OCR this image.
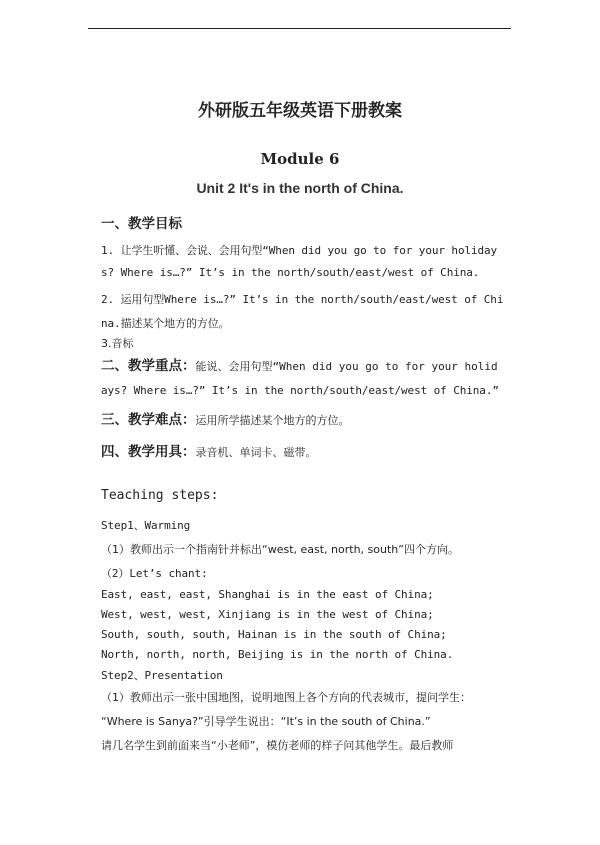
外研版五年级英语下册教案
Module 6
Unit 2 It's in the north of China.
一、教学目标
1. 让学生听懂、会说、会用句型“When did you go to for your holiday
s? Where is…?” It’s in the north/south/east/west of China.
2. 运用句型Where is…?” It’s in the north/south/east/west of Chi
na.描述某个地方的方位。
3.音标
二、教学重点：能说、会用句型“When did you go to for your holid
ays? Where is…?” It’s in the north/south/east/west of China.”
三、教学难点：运用所学描述某个地方的方位。
四、教学用具：录音机、单词卡、磁带。
Teaching steps:
Step1、Warming
（1）教师出示一个指南针并标出“west, east, north, south”四个方向。
（2）Let’s chant:
East, east, east, Shanghai is in the east of China;
West, west, west, Xinjiang is in the west of China;
South, south, south, Hainan is in the south of China;
North, north, north, Beijing is in the north of China.
Step2、Presentation
（1）教师出示一张中国地图，说明地图上各个方向的代表城市，提问学生：
“Where is Sanya?”引导学生说出：“It’s in the south of China.”
请几名学生到前面来当“小老师”，模仿老师的样子问其他学生。最后教师
